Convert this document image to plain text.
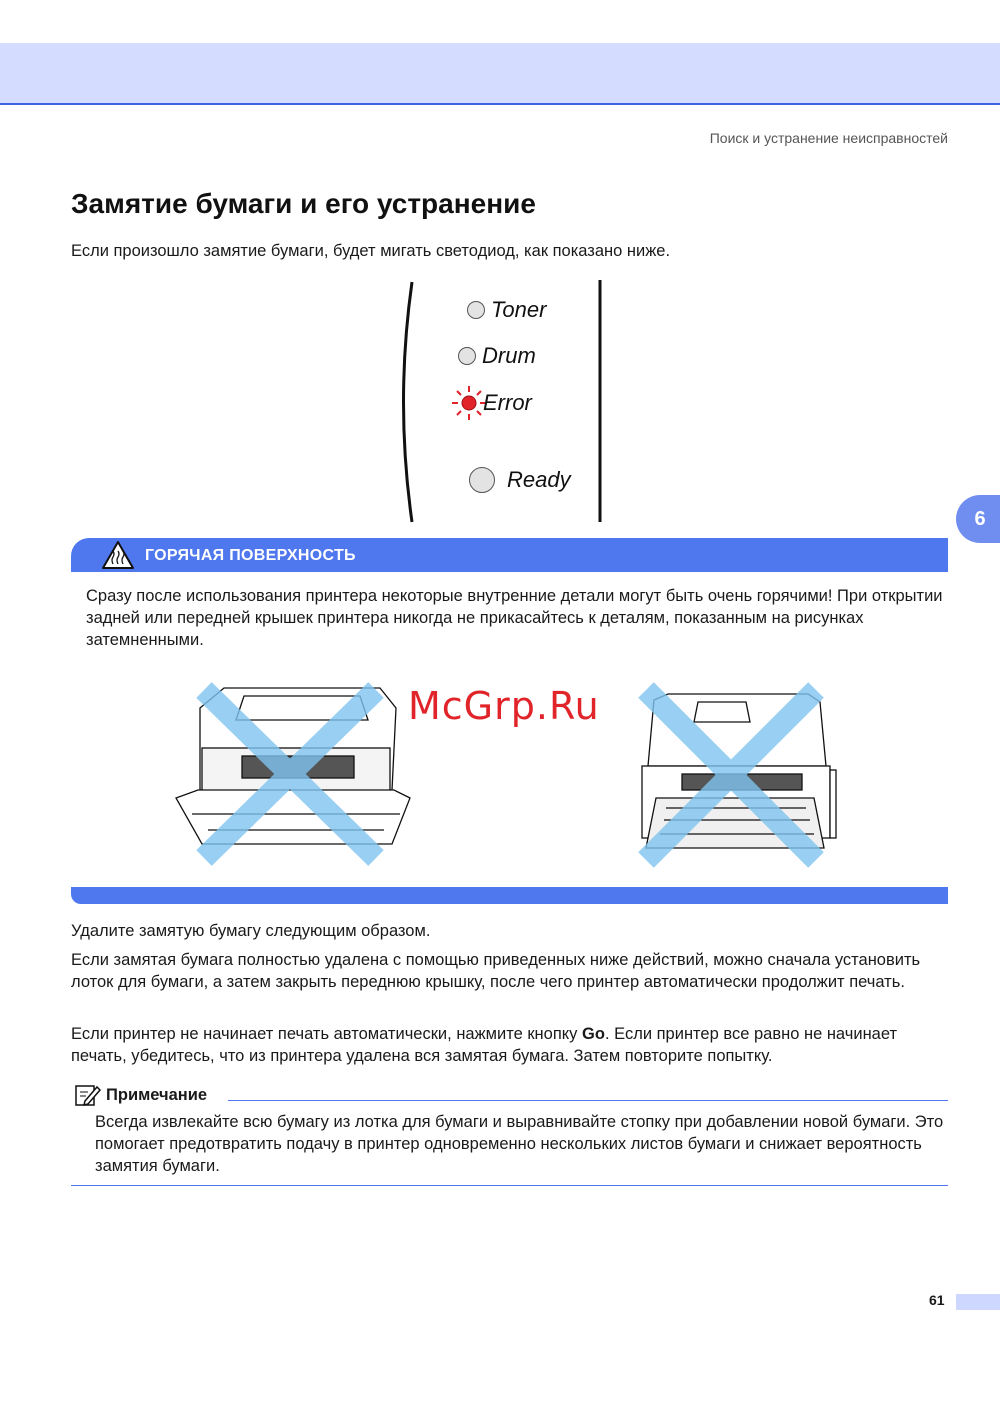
Поиск и устранение неисправностей
6
Замятие бумаги и его устранение

Если произошло замятие бумаги, будет мигать светодиод, как показано ниже.

Toner
Drum
Error
Ready
ГОРЯЧАЯ ПОВЕРХНОСТЬ

Сразу после использования принтера некоторые внутренние детали могут быть очень горячими! При открытии задней или передней крышек принтера никогда не прикасайтесь к деталям, показанным на рисунках затемненными.

McGrp.Ru

Удалите замятую бумагу следующим образом.

Если замятая бумага полностью удалена с помощью приведенных ниже действий, можно сначала установить лоток для бумаги, а затем закрыть переднюю крышку, после чего принтер автоматически продолжит печать.

Если принтер не начинает печать автоматически, нажмите кнопку Go. Если принтер все равно не начинает печать, убедитесь, что из принтера удалена вся замятая бумага. Затем повторите попытку.

Примечание

Всегда извлекайте всю бумагу из лотка для бумаги и выравнивайте стопку при добавлении новой бумаги. Это помогает предотвратить подачу в принтер одновременно нескольких листов бумаги и снижает вероятность замятия бумаги.

61
